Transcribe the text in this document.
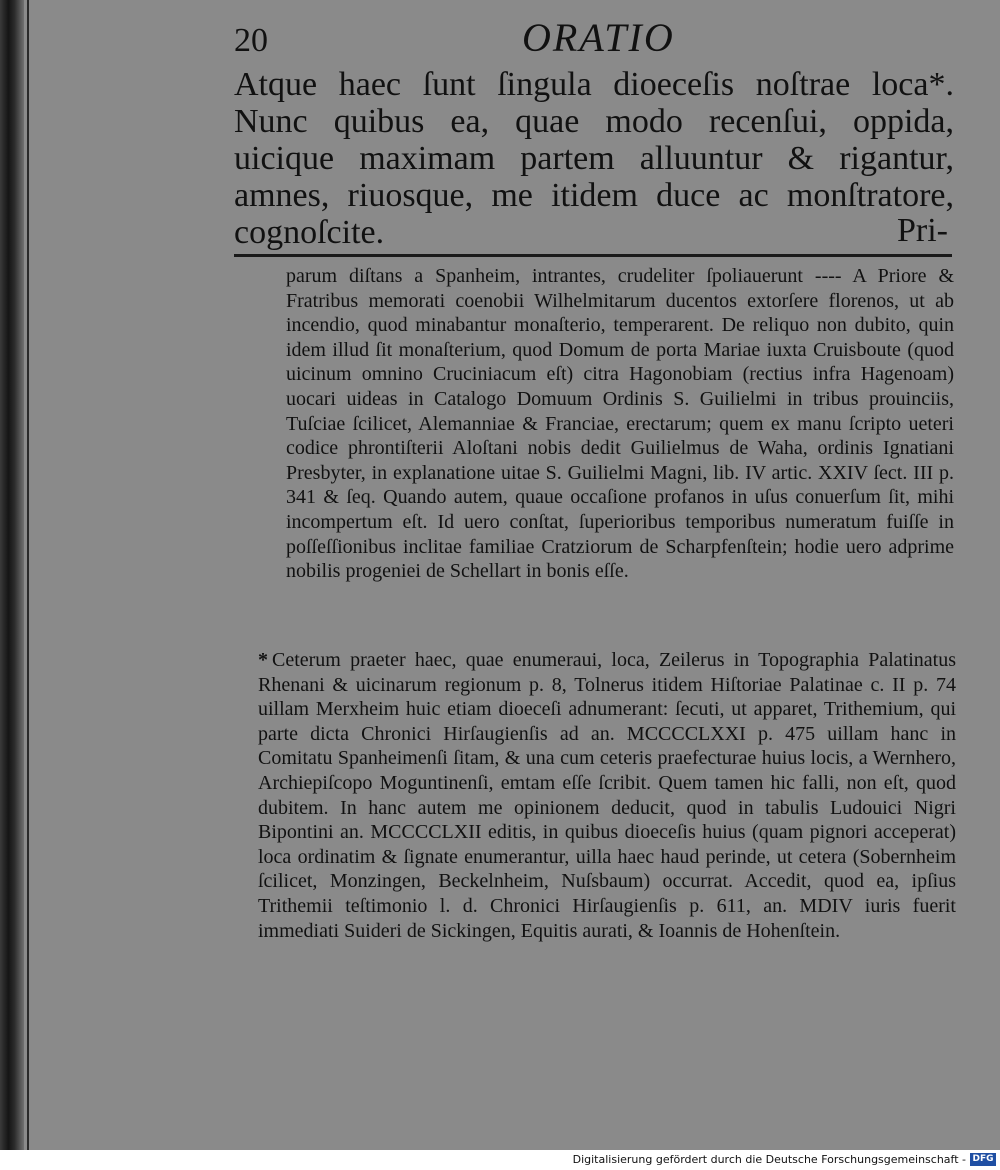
20	ORATIO
Atque haec ſunt ſingula dioeceſis noſtrae loca*. Nunc quibus ea, quae modo recenſui, oppida, uicique maximam partem alluuntur & rigantur, amnes, riuosque, me itidem duce ac monſtratore, cognoſcite.	Pri-
parum diſtans a Spanheim, intrantes, crudeliter ſpoliauerunt ---- A Priore & Fratribus memorati coenobii Wilhelmitarum ducentos extorſere florenos, ut ab incendio, quod minabantur monaſterio, temperarent. De reliquo non dubito, quin idem illud ſit monaſterium, quod Domum de porta Mariae iuxta Cruisboute (quod uicinum omnino Cruciniacum eſt) citra Hagonobiam (rectius infra Hagenoam) uocari uideas in Catalogo Domuum Ordinis S. Guilielmi in tribus prouinciis, Tuſciae ſcilicet, Alemanniae & Franciae, erectarum; quem ex manu ſcripto ueteri codice phrontiſterii Aloſtani nobis dedit Guilielmus de Waha, ordinis Ignatiani Presbyter, in explanatione uitae S. Guilielmi Magni, lib. IV artic. XXIV ſect. III p. 341 & ſeq. Quando autem, quaue occaſione profanos in uſus conuerſum ſit, mihi incompertum eſt. Id uero conſtat, ſuperioribus temporibus numeratum fuiſſe in poſſeſſionibus inclitae familiae Cratziorum de Scharpfenſtein; hodie uero adprime nobilis progeniei de Schellart in bonis eſſe.
* Ceterum praeter haec, quae enumeraui, loca, Zeilerus in Topographia Palatinatus Rhenani & uicinarum regionum p. 8, Tolnerus itidem Hiſtoriae Palatinae c. II p. 74 uillam Merxheim huic etiam dioeceſi adnumerant: ſecuti, ut apparet, Trithemium, qui parte dicta Chronici Hirſaugienſis ad an. MCCCCLXXI p. 475 uillam hanc in Comitatu Spanheimenſi ſitam, & una cum ceteris praefecturae huius locis, a Wernhero, Archiepiſcopo Moguntinenſi, emtam eſſe ſcribit. Quem tamen hic falli, non eſt, quod dubitem. In hanc autem me opinionem deducit, quod in tabulis Ludouici Nigri Bipontini an. MCCCCLXII editis, in quibus dioeceſis huius (quam pignori acceperat) loca ordinatim & ſignate enumerantur, uilla haec haud perinde, ut cetera (Sobernheim ſcilicet, Monzingen, Beckelnheim, Nuſsbaum) occurrat. Accedit, quod ea, ipſius Trithemii teſtimonio l. d. Chronici Hirſaugienſis p. 611, an. MDIV iuris fuerit immediati Suideri de Sickingen, Equitis aurati, & Ioannis de Hohenſtein.
Digitalisierung gefördert durch die Deutsche Forschungsgemeinschaft - DFG
